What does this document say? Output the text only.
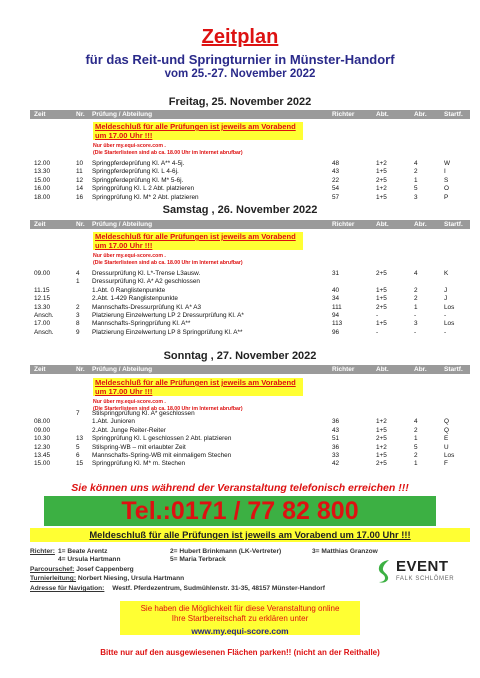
Zeitplan
für das Reit-und Springturnier in Münster-Handorf
vom 25.-27. November 2022
Freitag, 25. November 2022
Zeit	Nr. Prüfung / Abteilung	Richter	Abt.	Abr.	Startf.
Meldeschluß für alle Prüfungen ist jeweils am Vorabend um 17.00 Uhr !!!
Nur über my.equi-score.com .
(Die Starterlisteen sind ab ca. 18.00 Uhr im Internet abrufbar)
12.00	10 Springpferdeprüfung Kl. A** 4-5j.	48	1+2	4	W
13.30	11 Springpferdeprüfung Kl. L 4-6j.	43	1+5	2	I
15.00	12 Springpferdeprüfung Kl. M* 5-6j.	22	2+5	1	S
16.00	14 Springprüfung Kl. L 2 Abt. platzieren	54	1+2	5	O
18.00	16 Springprüfung Kl. M* 2 Abt. platzieren	57	1+5	3	P
Samstag , 26. November 2022
Zeit	Nr. Prüfung / Abteilung	Richter	Abt.	Abr.	Startf.
Meldeschluß für alle Prüfungen ist jeweils am Vorabend um 17.00 Uhr !!!
Nur über my.equi-score.com .
(Die Starterlisteen sind ab ca. 18.00 Uhr im Internet abrufbar)
09.00	4 Dressurprüfung Kl. L*-Trense L3ausw.	31	2+5	4	K
1 Dressurprüfung Kl. A* A2 geschlossen
11.15	1.Abt. 0 Ranglistenpunkte	40	1+5	2	J
12.15	2.Abt. 1-429 Ranglistenpunkte	34	1+5	2	J
13.30	2 Mannschafts-Dressurprüfung Kl. A* A3	111	2+5	1	Los
Ansch.	3 Platzierung Einzelwertung LP 2 Dressurprüfung Kl. A*	94	-	-	-
17.00	8 Mannschafts-Springprüfung Kl. A**	113	1+5	3	Los
Ansch.	9 Platzierung Einzelwertung LP 8 Springprüfung Kl. A**	96	-	-	-
Sonntag , 27. November 2022
Zeit	Nr. Prüfung / Abteilung	Richter	Abt.	Abr.	Startf.
Meldeschluß für alle Prüfungen ist jeweils am Vorabend um 17.00 Uhr !!!
Nur über my.equi-score.com .
(Die Starterlisteen sind ab ca. 18.00 Uhr im Internet abrufbar)
7 Stilspringprüfung Kl. A* geschlossen
08.00	1.Abt. Junioren	36	1+2	4	Q
09.00	2.Abt. Junge Reiter-Reiter	43	1+5	2	Q
10.30	13 Springprüfung Kl. L geschlossen 2 Abt. platzieren	51	2+5	1	E
12.30	5 Stilspring-WB – mit erlaubter Zeit	36	1+2	5	U
13.45	6 Mannschafts-Spring-WB mit einmaligem Stechen	33	1+5	2	Los
15.00	15 Springprüfung Kl. M* m. Stechen	42	2+5	1	F
Sie können uns während der Veranstaltung telefonisch erreichen !!!
Tel.:0171 / 77 82 800
Meldeschluß für alle Prüfungen ist jeweils am Vorabend um 17.00 Uhr !!!
Richter: 1= Beate Arentz	2= Hubert Brinkmann (LK-Vertreter)	3= Matthias Granzow
4= Ursula Hartmann	5= Maria Terbrack
Parcourschef: Josef Cappenberg
Turnierleitung: Norbert Niesing, Ursula Hartmann
Adresse für Navigation: Westf. Pferdezentrum, Sudmühlenstr. 31-35, 48157 Münster-Handorf
EVENT
FALK SCHLÖMER
Sie haben die Möglichkeit für diese Veranstaltung online
Ihre Startbereitschaft zu erklären unter
www.my.equi-score.com
Bitte nur auf den ausgewiesenen Flächen parken!! (nicht an der Reithalle)
